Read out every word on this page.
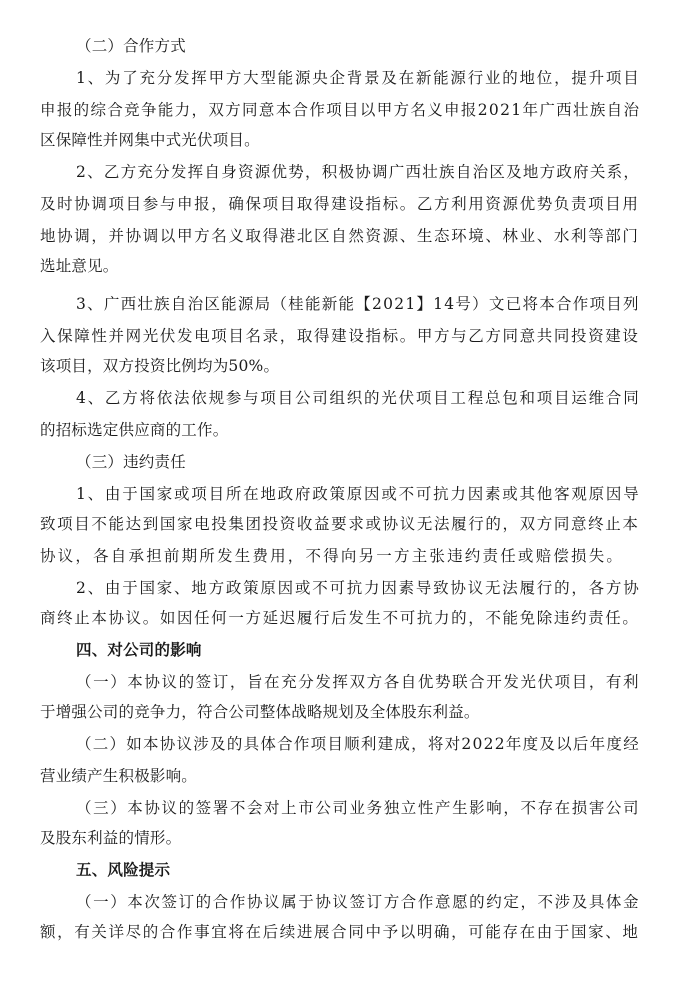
（二）合作方式
1、为了充分发挥甲方大型能源央企背景及在新能源行业的地位，提升项目
申报的综合竞争能力，双方同意本合作项目以甲方名义申报2021年广西壮族自治
区保障性并网集中式光伏项目。
2、乙方充分发挥自身资源优势，积极协调广西壮族自治区及地方政府关系，
及时协调项目参与申报，确保项目取得建设指标。乙方利用资源优势负责项目用
地协调，并协调以甲方名义取得港北区自然资源、生态环境、林业、水利等部门
选址意见。
3、广西壮族自治区能源局（桂能新能【2021】14号）文已将本合作项目列
入保障性并网光伏发电项目名录，取得建设指标。甲方与乙方同意共同投资建设
该项目，双方投资比例均为50%。
4、乙方将依法依规参与项目公司组织的光伏项目工程总包和项目运维合同
的招标选定供应商的工作。
（三）违约责任
1、由于国家或项目所在地政府政策原因或不可抗力因素或其他客观原因导
致项目不能达到国家电投集团投资收益要求或协议无法履行的，双方同意终止本
协议，各自承担前期所发生费用，不得向另一方主张违约责任或赔偿损失。
2、由于国家、地方政策原因或不可抗力因素导致协议无法履行的，各方协
商终止本协议。如因任何一方延迟履行后发生不可抗力的，不能免除违约责任。
四、对公司的影响
（一）本协议的签订，旨在充分发挥双方各自优势联合开发光伏项目，有利
于增强公司的竞争力，符合公司整体战略规划及全体股东利益。
（二）如本协议涉及的具体合作项目顺利建成，将对2022年度及以后年度经
营业绩产生积极影响。
（三）本协议的签署不会对上市公司业务独立性产生影响，不存在损害公司
及股东利益的情形。
五、风险提示
（一）本次签订的合作协议属于协议签订方合作意愿的约定，不涉及具体金
额，有关详尽的合作事宜将在后续进展合同中予以明确，可能存在由于国家、地
